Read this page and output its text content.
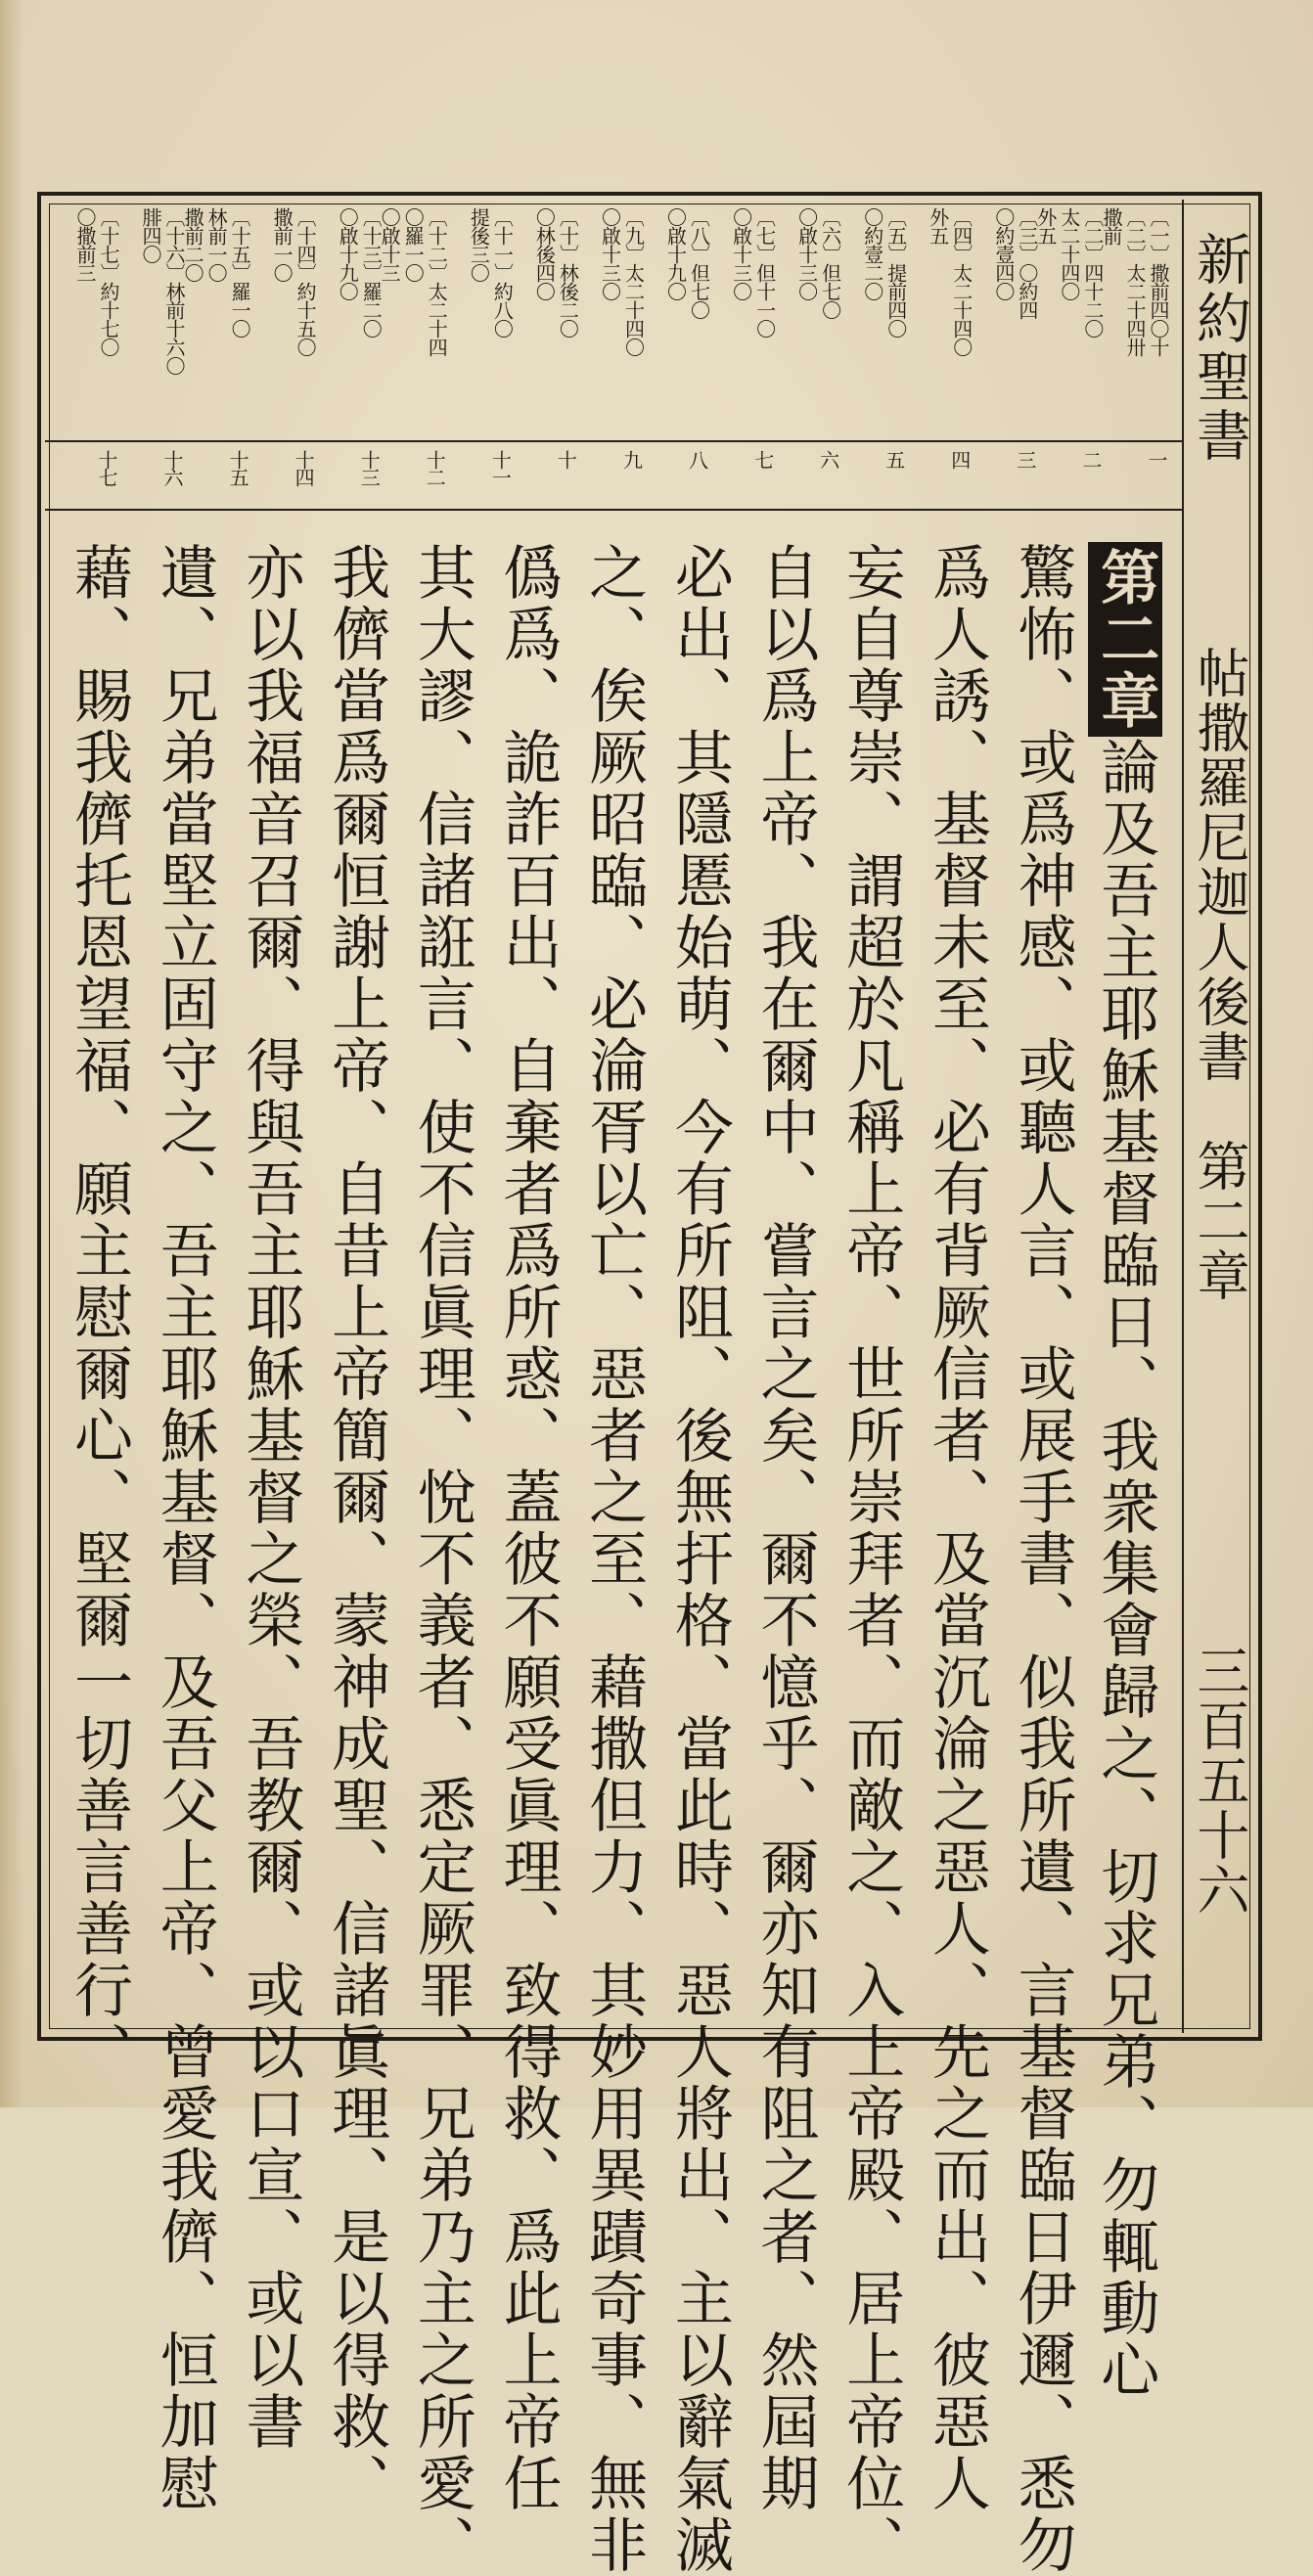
新約聖書
帖撒羅尼迦人後書　第二章
三百五十六
〔一〕撒前四〇十
〔二〕太二十四卅
撒前
〔二〕四十二〇
太二十四〇
外五
〔三〕〇約四
〇約壹四〇
〔四〕太二十四〇
外五
〔五〕提前四〇
〇約壹二〇
〔六〕但七〇
〇啟十三〇
〔七〕但十一〇
〇啟十三〇
〔八〕但七〇
〇啟十九〇
〔九〕太二十四〇
〇啟十三〇
〔十〕林後二〇
〇林後四〇
〔十一〕約八〇
提後三〇
〔十二〕太二十四
〇羅一〇
〇啟十三
〔十三〕羅二〇
〇啟十九〇
〔十四〕約十五〇
撒前一〇
〔十五〕羅一〇
林前一〇
撒前二〇
〔十六〕林前十六〇
腓四〇
〔十七〕約十七〇
〇撒前三
一
二
三
四
五
六
七
八
九
十
十一
十二
十三
十四
十五
十六
十七
第二章論及吾主耶穌基督臨日、我衆集會歸之、切求兄弟、勿輒動心
驚怖、或爲神感、或聽人言、或展手書、似我所遺、言基督臨日伊邇、悉勿
爲人誘、基督未至、必有背厥信者、及當沉淪之惡人、先之而出、彼惡人
妄自尊崇、謂超於凡稱上帝、世所崇拜者、而敵之、入上帝殿、居上帝位、
自以爲上帝、我在爾中、嘗言之矣、爾不憶乎、爾亦知有阻之者、然屆期
必出、其隱慝始萌、今有所阻、後無扞格、當此時、惡人將出、主以辭氣滅
之、俟厥昭臨、必淪胥以亡、惡者之至、藉撒但力、其妙用異蹟奇事、無非
僞爲、詭詐百出、自棄者爲所惑、蓋彼不願受眞理、致得救、爲此上帝任
其大謬、信諸誑言、使不信眞理、悅不義者、悉定厥罪、兄弟乃主之所愛、
我儕當爲爾恒謝上帝、自昔上帝簡爾、蒙神成聖、信諸眞理、是以得救、
亦以我福音召爾、得與吾主耶穌基督之榮、吾教爾、或以口宣、或以書
遺、兄弟當堅立固守之、吾主耶穌基督、及吾父上帝、曾愛我儕、恒加慰
藉、賜我儕托恩望福、願主慰爾心、堅爾一切善言善行、
